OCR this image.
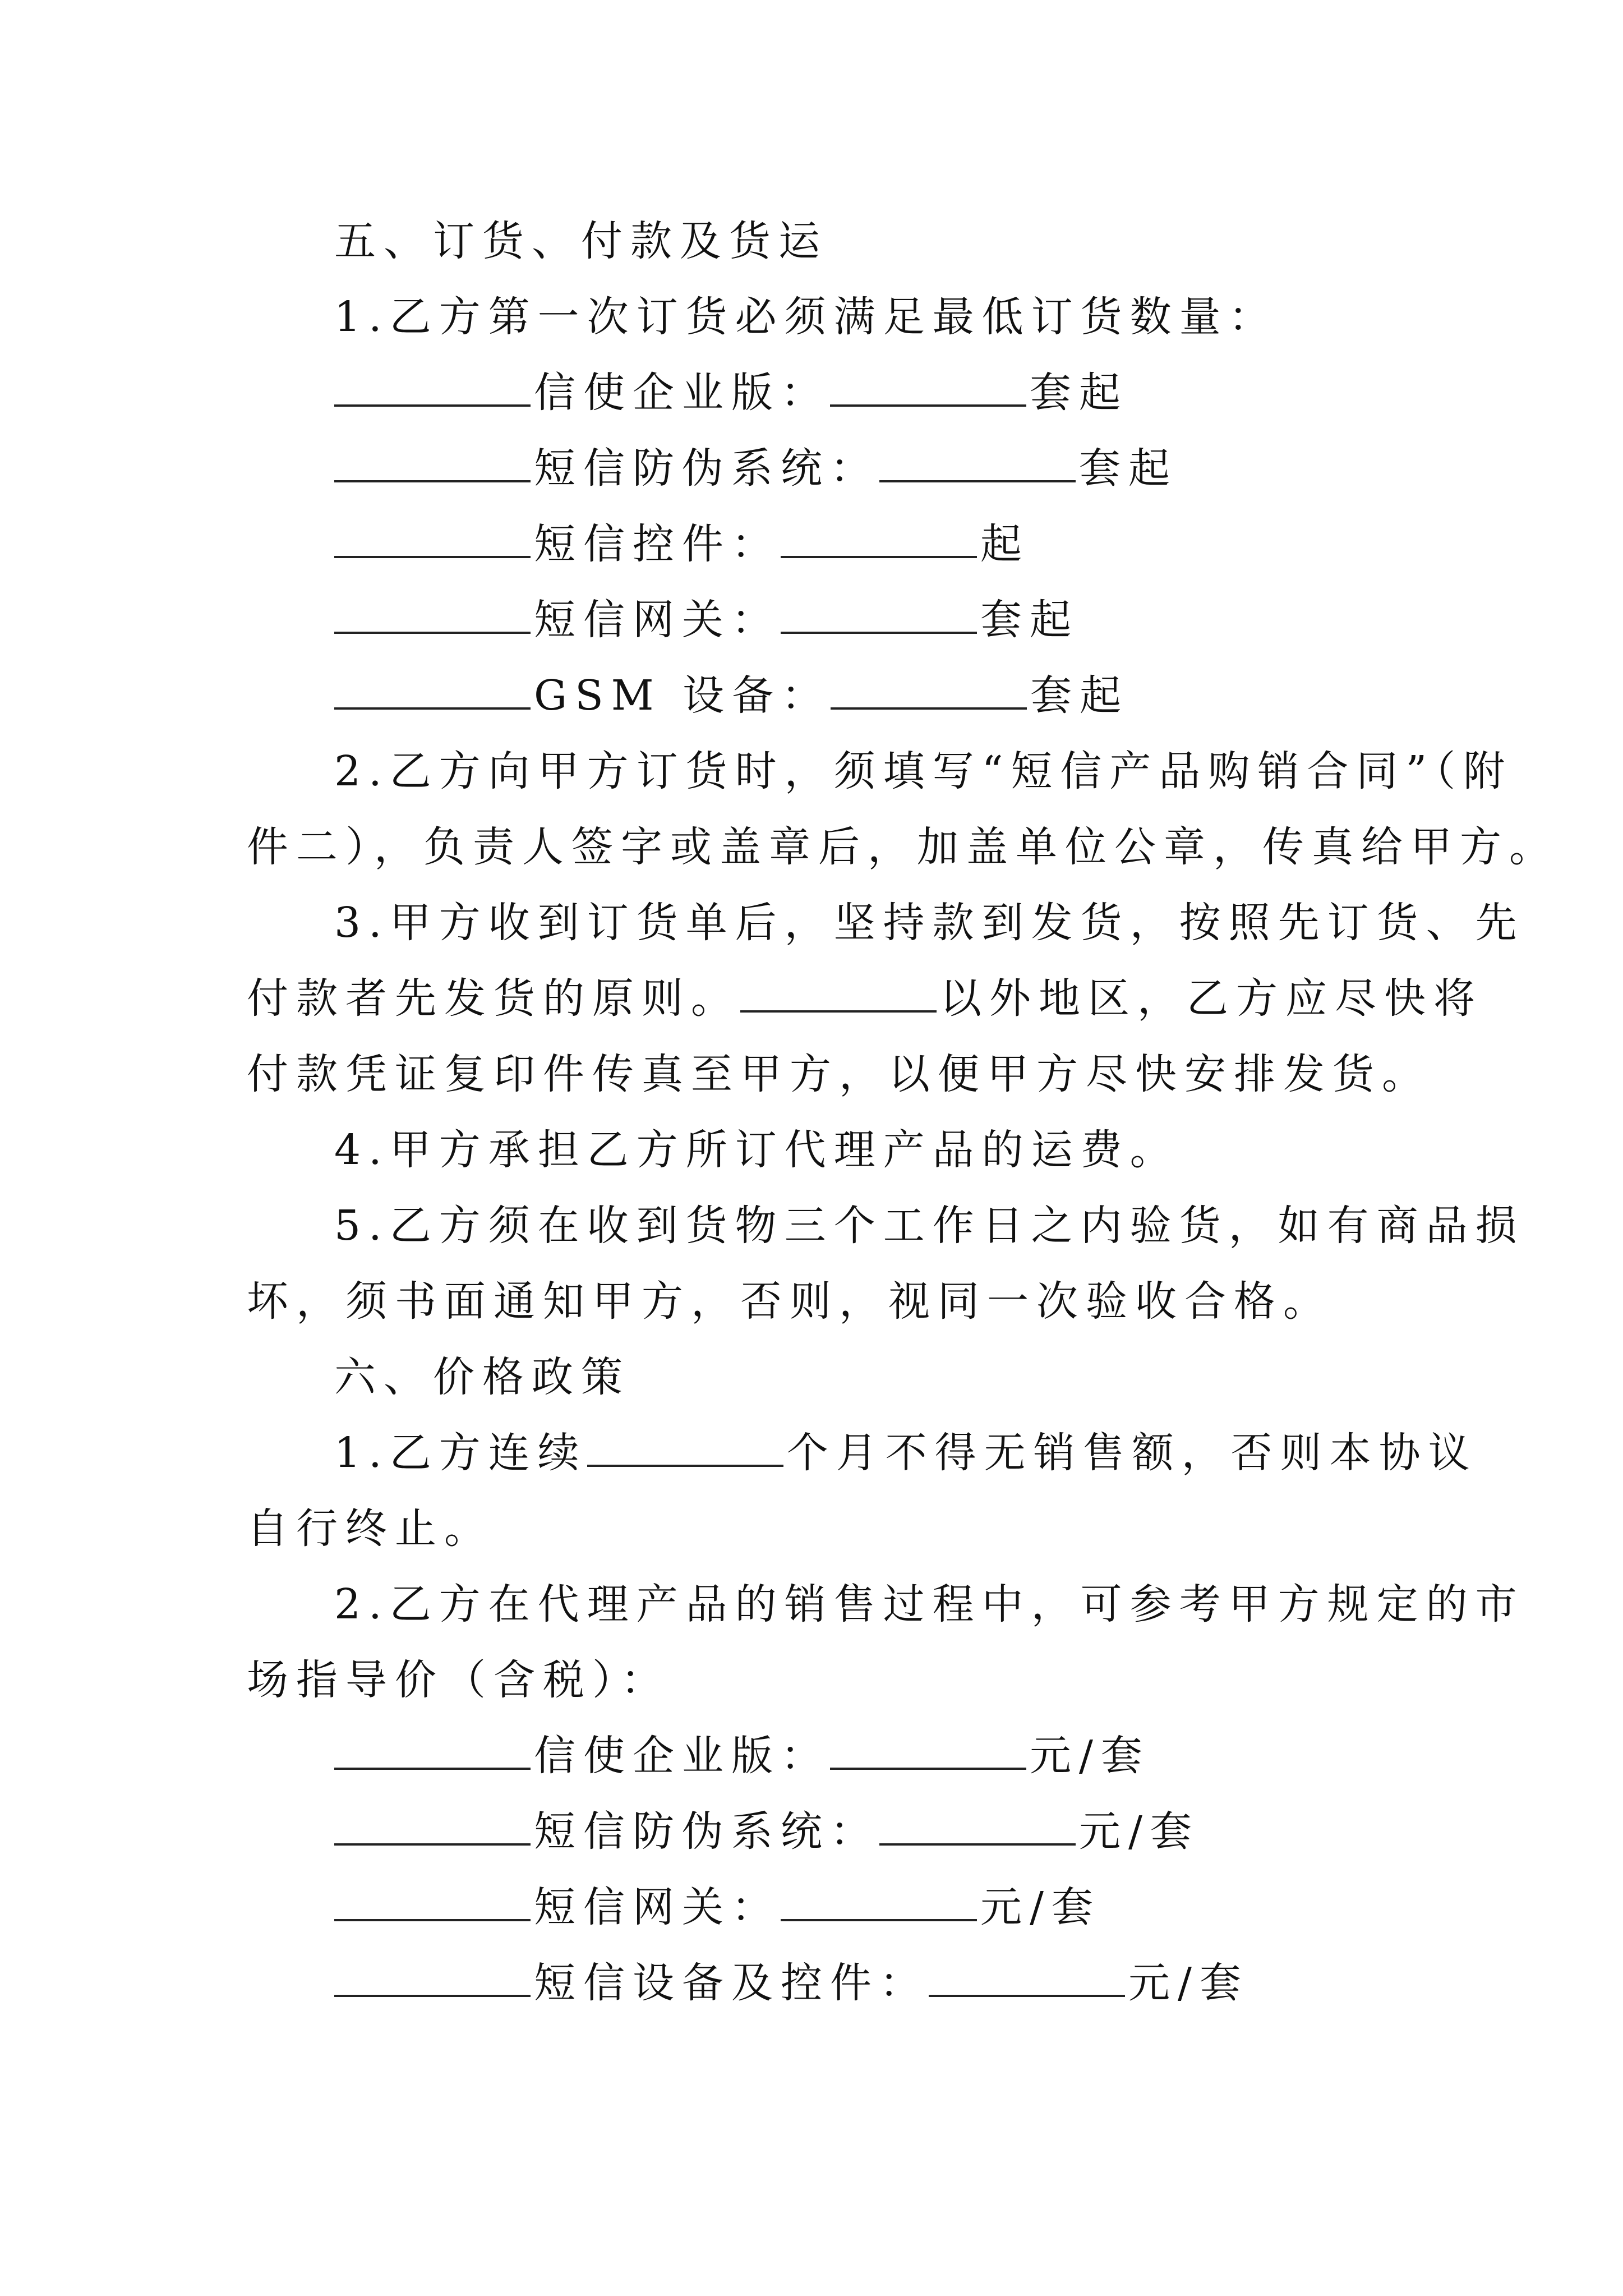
五、订货、付款及货运
1.乙方第一次订货必须满足最低订货数量：
信使企业版：	套起
短信防伪系统：	套起
短信控件：	起
短信网关：	套起
GSM 设备：	套起
2.乙方向甲方订货时，须填写“短信产品购销合同”（附
件二），负责人签字或盖章后，加盖单位公章，传真给甲方。
3.甲方收到订货单后，坚持款到发货，按照先订货、先
付款者先发货的原则。	以外地区，乙方应尽快将
付款凭证复印件传真至甲方，以便甲方尽快安排发货。
4.甲方承担乙方所订代理产品的运费。
5.乙方须在收到货物三个工作日之内验货，如有商品损
坏，须书面通知甲方，否则，视同一次验收合格。
六、价格政策
1.乙方连续	个月不得无销售额，否则本协议
自行终止。
2.乙方在代理产品的销售过程中，可参考甲方规定的市
场指导价（含税）：
信使企业版：	元/套
短信防伪系统：	元/套
短信网关：	元/套
短信设备及控件：	元/套
